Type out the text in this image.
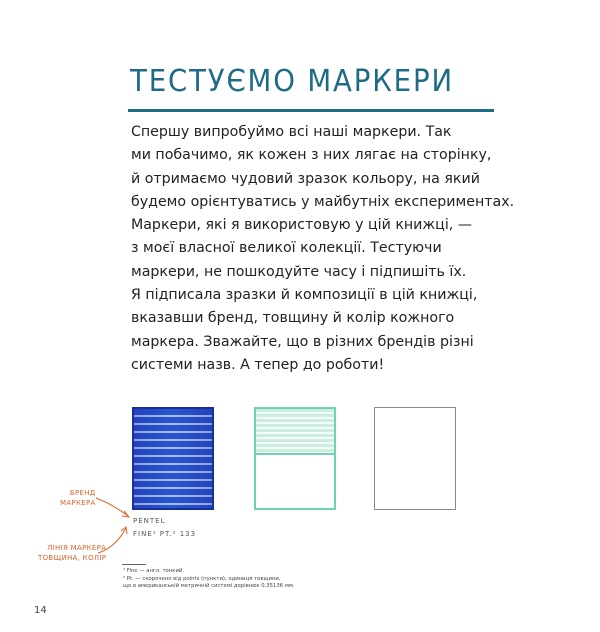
ТЕСТУЄМО МАРКЕРИ
Спершу випробуймо всі наші маркери. Так
ми побачимо, як кожен з них лягає на сторінку,
й отримаємо чудовий зразок кольору, на який
будемо орієнтуватись у майбутніх експериментах.
Маркери, які я використовую у цій книжці, —
з моєї власної великої колекції. Тестуючи
маркери, не пошкодуйте часу і підпишіть їх.
Я підписала зразки й композиції в цій книжці,
вказавши бренд, товщину й колір кожного
маркера. Зважайте, що в різних брендів різні
системи назв. А тепер до роботи!
PENTEL
FINE¹ PT.² 133
БРЕНД
МАРКЕРА
ЛІНІЯ МАРКЕРА
ТОВЩИНА, КОЛІР
¹ Fine — англ. тонкий.
² Pt. — скорочено від points (пункти), одиниця товщини,
що в американській метричній системі дорівнює 0,35136 мм.
14
